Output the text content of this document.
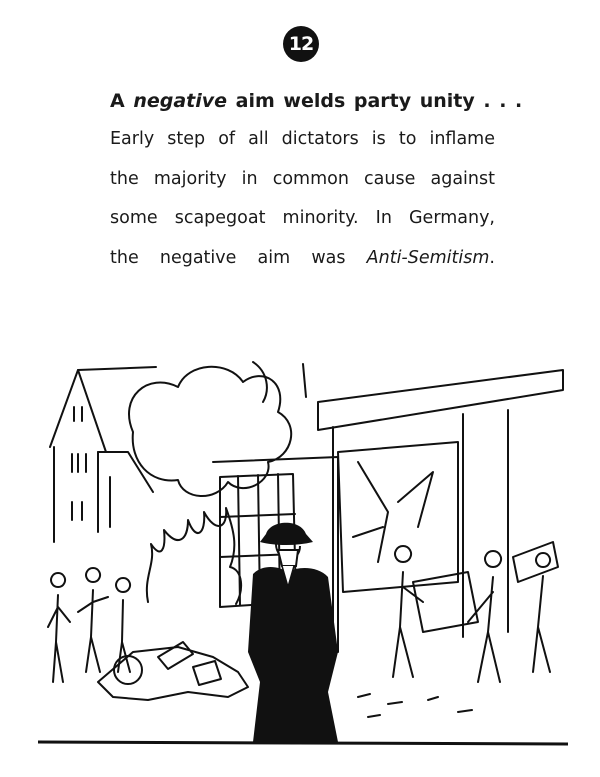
12

A negative aim welds party unity . . .

Early step of all dictators is to inflame

the majority in common cause against

some scapegoat minority. In Germany,

the negative aim was Anti-Semitism.
